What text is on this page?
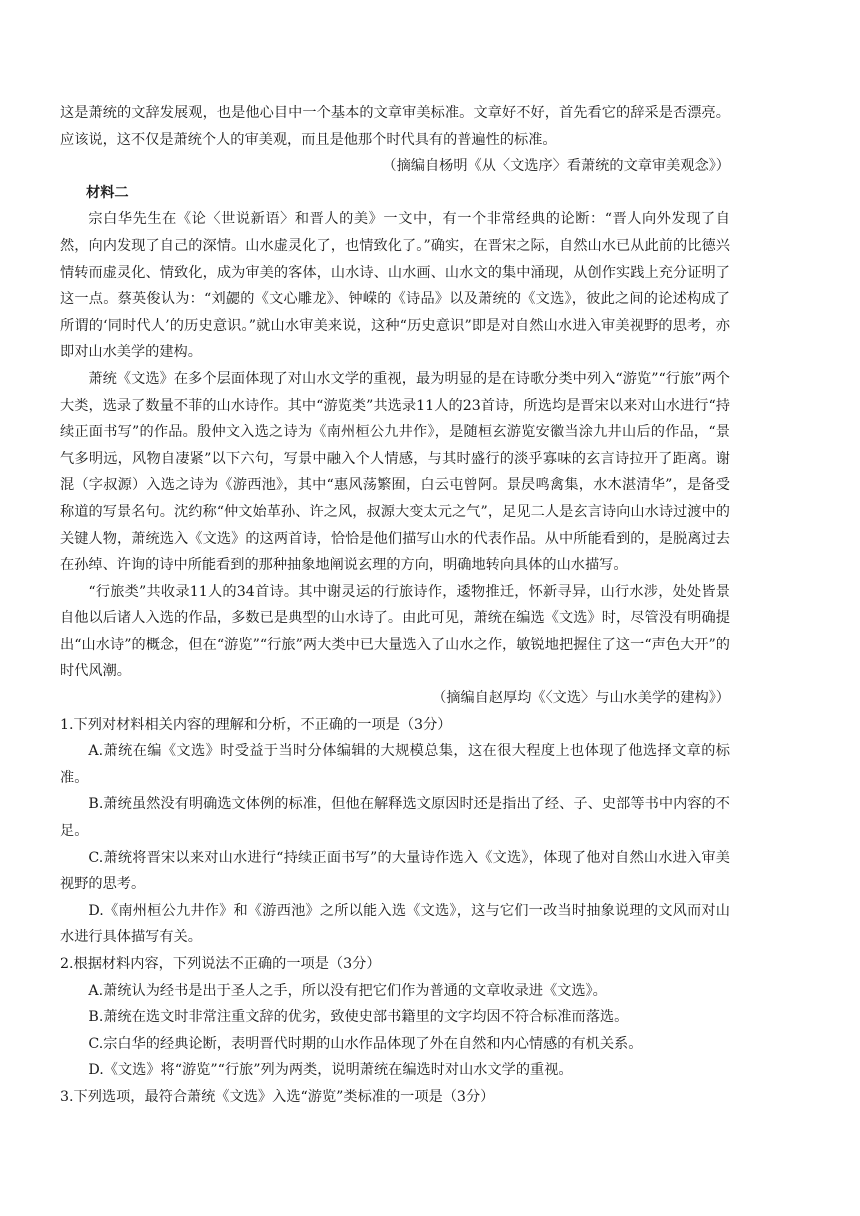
这是萧统的文辞发展观，也是他心目中一个基本的文章审美标准。文章好不好，首先看它的辞采是否漂亮。应该说，这不仅是萧统个人的审美观，而且是他那个时代具有的普遍性的标准。

（摘编自杨明《从〈文选序〉看萧统的文章审美观念》）

材料二

宗白华先生在《论〈世说新语〉和晋人的美》一文中，有一个非常经典的论断：“晋人向外发现了自然，向内发现了自己的深情。山水虚灵化了，也情致化了。”确实，在晋宋之际，自然山水已从此前的比德兴情转而虚灵化、情致化，成为审美的客体，山水诗、山水画、山水文的集中涌现，从创作实践上充分证明了这一点。蔡英俊认为：“刘勰的《文心雕龙》、钟嵘的《诗品》以及萧统的《文选》，彼此之间的论述构成了所谓的‘同时代人’的历史意识。”就山水审美来说，这种“历史意识”即是对自然山水进入审美视野的思考，亦即对山水美学的建构。

萧统《文选》在多个层面体现了对山水文学的重视，最为明显的是在诗歌分类中列入“游览”“行旅”两个大类，选录了数量不菲的山水诗作。其中“游览类”共选录11人的23首诗，所选均是晋宋以来对山水进行“持续正面书写”的作品。殷仲文入选之诗为《南州桓公九井作》，是随桓玄游览安徽当涂九井山后的作品，“景气多明远，风物自凄紧”以下六句，写景中融入个人情感，与其时盛行的淡乎寡味的玄言诗拉开了距离。谢混（字叔源）入选之诗为《游西池》，其中“惠风荡繁囿，白云屯曾阿。景昃鸣禽集，水木湛清华”，是备受称道的写景名句。沈约称“仲文始革孙、许之风，叔源大变太元之气”，足见二人是玄言诗向山水诗过渡中的关键人物，萧统选入《文选》的这两首诗，恰恰是他们描写山水的代表作品。从中所能看到的，是脱离过去在孙绰、许询的诗中所能看到的那种抽象地阐说玄理的方向，明确地转向具体的山水描写。

“行旅类”共收录11人的34首诗。其中谢灵运的行旅诗作，逶物推迁，怀新寻异，山行水涉，处处皆景自他以后诸人入选的作品，多数已是典型的山水诗了。由此可见，萧统在编选《文选》时，尽管没有明确提出“山水诗”的概念，但在“游览”“行旅”两大类中已大量选入了山水之作，敏锐地把握住了这一“声色大开”的时代风潮。

（摘编自赵厚均《〈文选〉与山水美学的建构》）

1.下列对材料相关内容的理解和分析，不正确的一项是（3分）

A.萧统在编《文选》时受益于当时分体编辑的大规模总集，这在很大程度上也体现了他选择文章的标准。

B.萧统虽然没有明确选文体例的标准，但他在解释选文原因时还是指出了经、子、史部等书中内容的不足。

C.萧统将晋宋以来对山水进行“持续正面书写”的大量诗作选入《文选》，体现了他对自然山水进入审美视野的思考。

D.《南州桓公九井作》和《游西池》之所以能入选《文选》，这与它们一改当时抽象说理的文风而对山水进行具体描写有关。

2.根据材料内容，下列说法不正确的一项是（3分）

A.萧统认为经书是出于圣人之手，所以没有把它们作为普通的文章收录进《文选》。

B.萧统在选文时非常注重文辞的优劣，致使史部书籍里的文字均因不符合标准而落选。

C.宗白华的经典论断，表明晋代时期的山水作品体现了外在自然和内心情感的有机关系。

D.《文选》将“游览”“行旅”列为两类，说明萧统在编选时对山水文学的重视。

3.下列选项，最符合萧统《文选》入选“游览”类标准的一项是（3分）
